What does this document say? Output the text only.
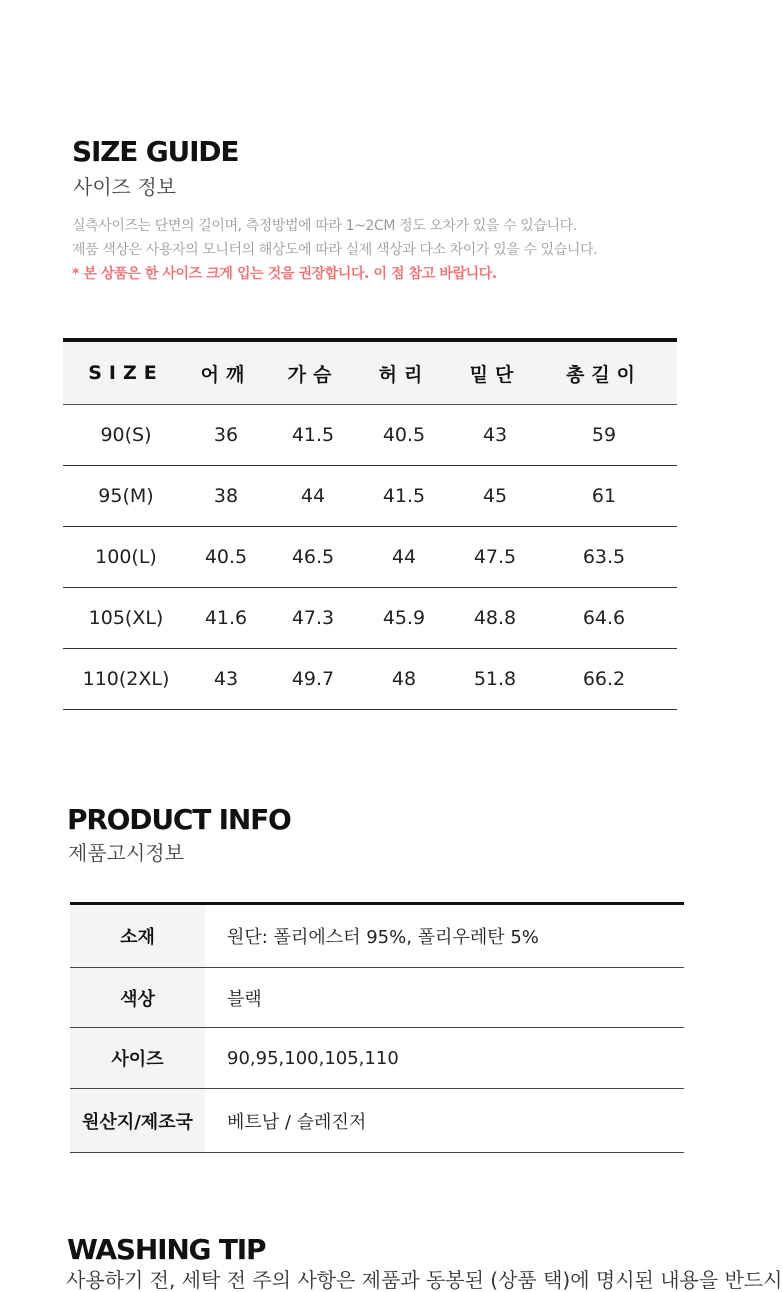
SIZE GUIDE
사이즈 정보
실측사이즈는 단면의 길이며, 측정방법에 따라 1~2CM 정도 오차가 있을 수 있습니다.
제품 색상은 사용자의 모니터의 해상도에 따라 실제 색상과 다소 차이가 있을 수 있습니다.
* 본 상품은 한 사이즈 크게 입는 것을 권장합니다. 이 점 참고 바랍니다.
SIZE	어깨	가슴	허리	밑단	총길이
90(S)	36	41.5	40.5	43	59
95(M)	38	44	41.5	45	61
100(L)	40.5	46.5	44	47.5	63.5
105(XL)	41.6	47.3	45.9	48.8	64.6
110(2XL)	43	49.7	48	51.8	66.2
PRODUCT INFO
제품고시정보
소재	원단: 폴리에스터 95%, 폴리우레탄 5%
색상	블랙
사이즈	90,95,100,105,110
원산지/제조국	베트남 / 슬레진저
WASHING TIP
사용하기 전, 세탁 전 주의 사항은 제품과 동봉된 (상품 택)에 명시된 내용을 반드시
